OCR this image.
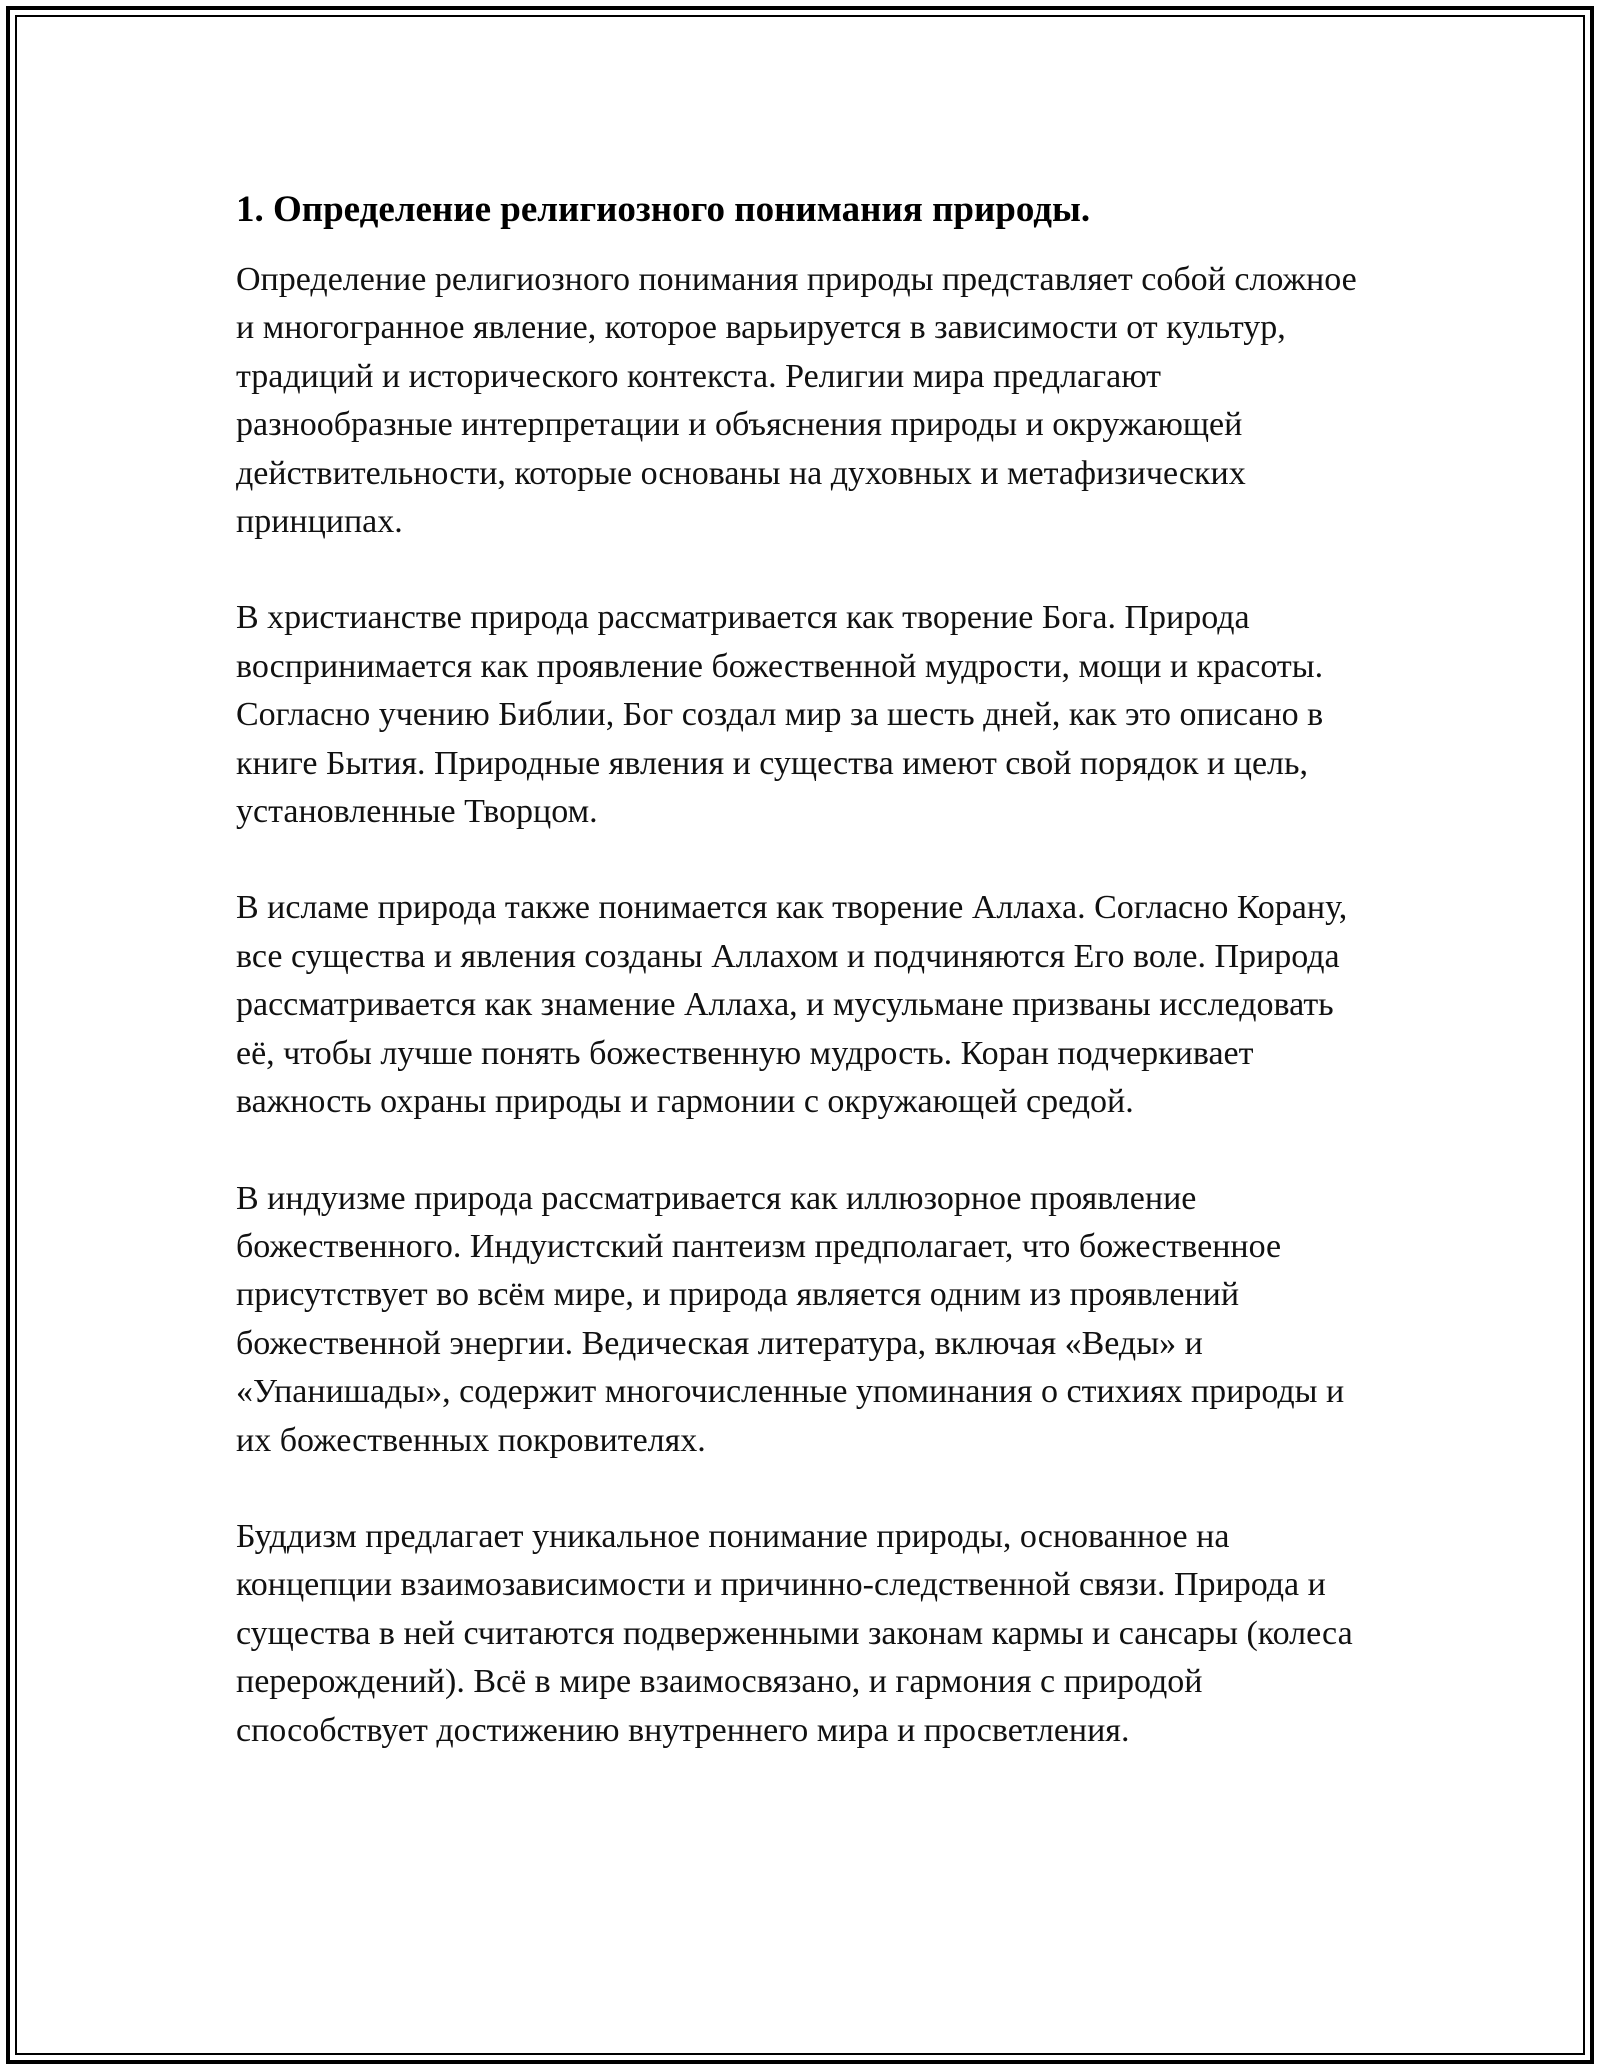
1. Определение религиозного понимания природы.

Определение религиозного понимания природы представляет собой сложное и многогранное явление, которое варьируется в зависимости от культур, традиций и исторического контекста. Религии мира предлагают разнообразные интерпретации и объяснения природы и окружающей действительности, которые основаны на духовных и метафизических принципах.

В христианстве природа рассматривается как творение Бога. Природа воспринимается как проявление божественной мудрости, мощи и красоты. Согласно учению Библии, Бог создал мир за шесть дней, как это описано в книге Бытия. Природные явления и существа имеют свой порядок и цель, установленные Творцом.

В исламе природа также понимается как творение Аллаха. Согласно Корану, все существа и явления созданы Аллахом и подчиняются Его воле. Природа рассматривается как знамение Аллаха, и мусульмане призваны исследовать её, чтобы лучше понять божественную мудрость. Коран подчеркивает важность охраны природы и гармонии с окружающей средой.

В индуизме природа рассматривается как иллюзорное проявление божественного. Индуистский пантеизм предполагает, что божественное присутствует во всём мире, и природа является одним из проявлений божественной энергии. Ведическая литература, включая «Веды» и «Упанишады», содержит многочисленные упоминания о стихиях природы и их божественных покровителях.

Буддизм предлагает уникальное понимание природы, основанное на концепции взаимозависимости и причинно-следственной связи. Природа и существа в ней считаются подверженными законам кармы и сансары (колеса перерождений). Всё в мире взаимосвязано, и гармония с природой способствует достижению внутреннего мира и просветления.
